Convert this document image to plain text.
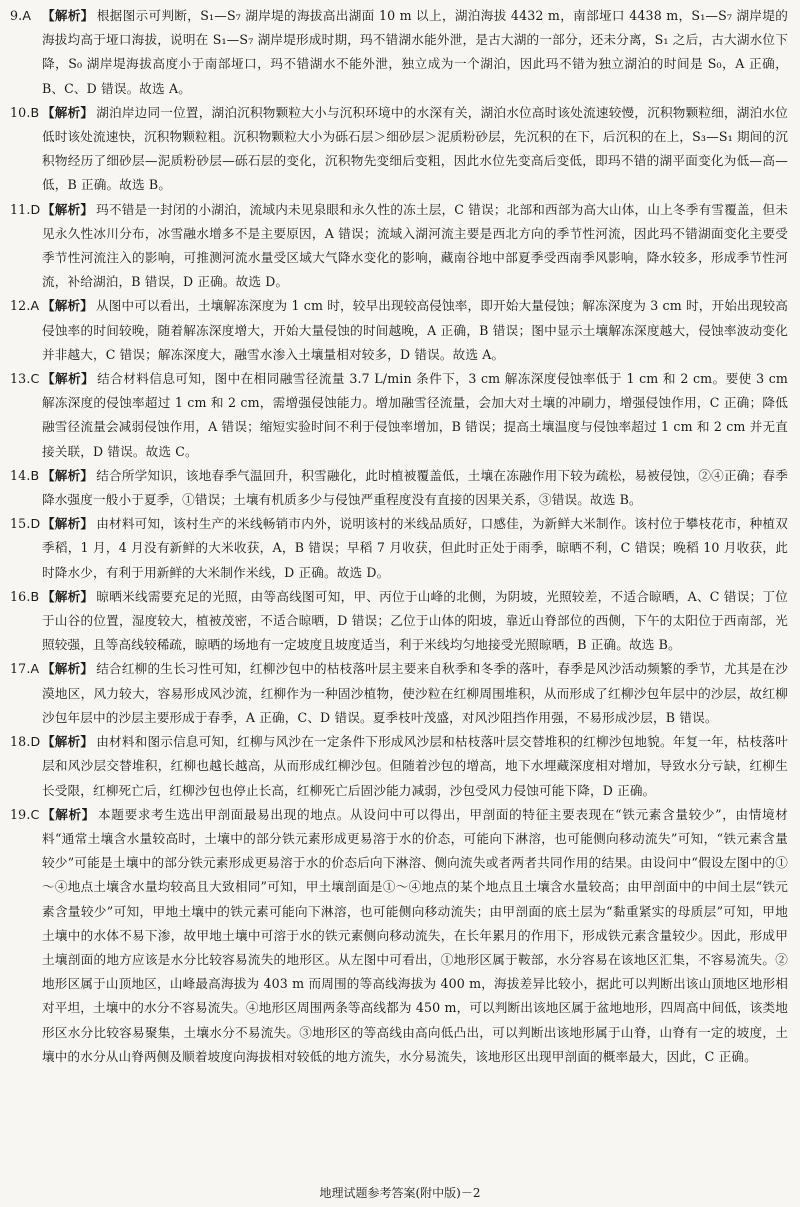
9.A 【解析】 根据图示可判断，S₁—S₇ 湖岸堤的海拔高出湖面 10 m 以上，湖泊海拔 4432 m，南部垭口 4438 m，S₁—S₇ 湖岸堤的海拔均高于垭口海拔，说明在 S₁—S₇ 湖岸堤形成时期，玛不错湖水能外泄，是古大湖的一部分，还未分离，S₁ 之后，古大湖水位下降，S₀ 湖岸堤海拔高度小于南部垭口，玛不错湖水不能外泄，独立成为一个湖泊，因此玛不错为独立湖泊的时间是 S₀，A 正确，B、C、D 错误。故选 A。
10.B 【解析】 湖泊岸边同一位置，湖泊沉积物颗粒大小与沉积环境中的水深有关，湖泊水位高时该处流速较慢，沉积物颗粒细，湖泊水位低时该处流速快，沉积物颗粒粗。沉积物颗粒大小为砾石层＞细砂层＞泥质粉砂层，先沉积的在下，后沉积的在上，S₃—S₁ 期间的沉积物经历了细砂层—泥质粉砂层—砾石层的变化，沉积物先变细后变粗，因此水位先变高后变低，即玛不错的湖平面变化为低—高—低，B 正确。故选 B。
11.D 【解析】 玛不错是一封闭的小湖泊，流域内未见泉眼和永久性的冻土层，C 错误；北部和西部为高大山体，山上冬季有雪覆盖，但未见永久性冰川分布，冰雪融水增多不是主要原因，A 错误；流域入湖河流主要是西北方向的季节性河流，因此玛不错湖面变化主要受季节性河流注入的影响，可推测河流水量受区域大气降水变化的影响，藏南谷地中部夏季受西南季风影响，降水较多，形成季节性河流，补给湖泊，B 错误，D 正确。故选 D。
12.A 【解析】 从图中可以看出，土壤解冻深度为 1 cm 时，较早出现较高侵蚀率，即开始大量侵蚀；解冻深度为 3 cm 时，开始出现较高侵蚀率的时间较晚，随着解冻深度增大，开始大量侵蚀的时间越晚，A 正确，B 错误；图中显示土壤解冻深度越大，侵蚀率波动变化并非越大，C 错误；解冻深度大，融雪水渗入土壤量相对较多，D 错误。故选 A。
13.C 【解析】 结合材料信息可知，图中在相同融雪径流量 3.7 L/min 条件下，3 cm 解冻深度侵蚀率低于 1 cm 和 2 cm。要使 3 cm 解冻深度的侵蚀率超过 1 cm 和 2 cm，需增强侵蚀能力。增加融雪径流量，会加大对土壤的冲刷力，增强侵蚀作用，C 正确；降低融雪径流量会减弱侵蚀作用，A 错误；缩短实验时间不利于侵蚀率增加，B 错误；提高土壤温度与侵蚀率超过 1 cm 和 2 cm 并无直接关联，D 错误。故选 C。
14.B 【解析】 结合所学知识，该地春季气温回升，积雪融化，此时植被覆盖低，土壤在冻融作用下较为疏松，易被侵蚀，②④正确；春季降水强度一般小于夏季，①错误；土壤有机质多少与侵蚀严重程度没有直接的因果关系，③错误。故选 B。
15.D 【解析】 由材料可知，该村生产的米线畅销市内外，说明该村的米线品质好，口感佳，为新鲜大米制作。该村位于攀枝花市，种植双季稻，1 月，4 月没有新鲜的大米收获，A，B 错误；早稻 7 月收获，但此时正处于雨季，晾晒不利，C 错误；晚稻 10 月收获，此时降水少，有利于用新鲜的大米制作米线，D 正确。故选 D。
16.B 【解析】 晾晒米线需要充足的光照，由等高线图可知，甲、丙位于山峰的北侧，为阴坡，光照较差，不适合晾晒，A、C 错误；丁位于山谷的位置，湿度较大，植被茂密，不适合晾晒，D 错误；乙位于山体的阳坡，靠近山脊部位的西侧，下午的太阳位于西南部，光照较强，且等高线较稀疏，晾晒的场地有一定坡度且坡度适当，利于米线均匀地接受光照晾晒，B 正确。故选 B。
17.A 【解析】 结合红柳的生长习性可知，红柳沙包中的枯枝落叶层主要来自秋季和冬季的落叶，春季是风沙活动频繁的季节，尤其是在沙漠地区，风力较大，容易形成风沙流，红柳作为一种固沙植物，使沙粒在红柳周围堆积，从而形成了红柳沙包年层中的沙层，故红柳沙包年层中的沙层主要形成于春季，A 正确，C、D 错误。夏季枝叶茂盛，对风沙阻挡作用强，不易形成沙层，B 错误。
18.D 【解析】 由材料和图示信息可知，红柳与风沙在一定条件下形成风沙层和枯枝落叶层交替堆积的红柳沙包地貌。年复一年，枯枝落叶层和风沙层交替堆积，红柳也越长越高，从而形成红柳沙包。但随着沙包的增高，地下水埋藏深度相对增加，导致水分亏缺，红柳生长受限，红柳死亡后，红柳沙包也停止长高，红柳死亡后固沙能力减弱，沙包受风力侵蚀可能下降，D 正确。
19.C 【解析】 本题要求考生选出甲剖面最易出现的地点。从设问中可以得出，甲剖面的特征主要表现在“铁元素含量较少”，由情境材料“通常土壤含水量较高时，土壤中的部分铁元素形成更易溶于水的价态，可能向下淋溶，也可能侧向移动流失”可知，“铁元素含量较少”可能是土壤中的部分铁元素形成更易溶于水的价态后向下淋溶、侧向流失或者两者共同作用的结果。由设问中“假设左图中的①～④地点土壤含水量均较高且大致相同”可知，甲土壤剖面是①～④地点的某个地点且土壤含水量较高；由甲剖面中的中间土层“铁元素含量较少”可知，甲地土壤中的铁元素可能向下淋溶，也可能侧向移动流失；由甲剖面的底土层为“黏重紧实的母质层”可知，甲地土壤中的水体不易下渗，故甲地土壤中可溶于水的铁元素侧向移动流失，在长年累月的作用下，形成铁元素含量较少。因此，形成甲土壤剖面的地方应该是水分比较容易流失的地形区。从左图中可看出，①地形区属于鞍部，水分容易在该地区汇集，不容易流失。②地形区属于山顶地区，山峰最高海拔为 403 m 而周围的等高线海拔为 400 m，海拔差异比较小，据此可以判断出该山顶地区地形相对平坦，土壤中的水分不容易流失。④地形区周围两条等高线都为 450 m，可以判断出该地区属于盆地地形，四周高中间低，该类地形区水分比较容易聚集，土壤水分不易流失。③地形区的等高线由高向低凸出，可以判断出该地形属于山脊，山脊有一定的坡度，土壤中的水分从山脊两侧及顺着坡度向海拔相对较低的地方流失，水分易流失，该地形区出现甲剖面的概率最大，因此，C 正确。
地理试题参考答案(附中版)－2
